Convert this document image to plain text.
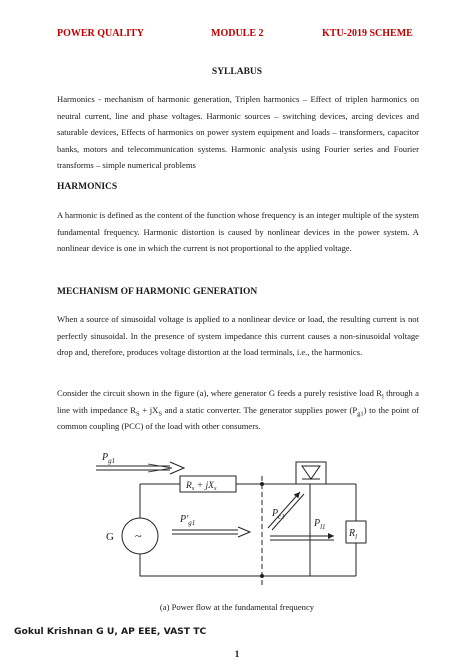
POWER QUALITY	MODULE 2	KTU-2019 SCHEME
SYLLABUS
Harmonics - mechanism of harmonic generation, Triplen harmonics – Effect of triplen harmonics on neutral current, line and phase voltages. Harmonic sources – switching devices, arcing devices and saturable devices, Effects of harmonics on power system equipment and loads – transformers, capacitor banks, motors and telecommunication systems. Harmonic analysis using Fourier series and Fourier transforms – simple numerical problems
HARMONICS
A harmonic is defined as the content of the function whose frequency is an integer multiple of the system fundamental frequency. Harmonic distortion is caused by nonlinear devices in the power system. A nonlinear device is one in which the current is not proportional to the applied voltage.
MECHANISM OF HARMONIC GENERATION
When a source of sinusoidal voltage is applied to a nonlinear device or load, the resulting current is not perfectly sinusoidal. In the presence of system impedance this current causes a non-sinusoidal voltage drop and, therefore, produces voltage distortion at the load terminals, i.e., the harmonics.
Consider the circuit shown in the figure (a), where generator G feeds a purely resistive load $R_l$ through a line with impedance $R_S + jX_S$ and a static converter. The generator supplies power $(P_{g1})$ to the point of common coupling (PCC) of the load with other consumers.
$P_{g1}$
$R_s + jX_s$
~
G
$P'_{g1}$
$P_{c1}$
$P_{l1}$
$R_l$
(a) Power flow at the fundamental frequency
Gokul Krishnan G U, AP EEE, VAST TC
1
